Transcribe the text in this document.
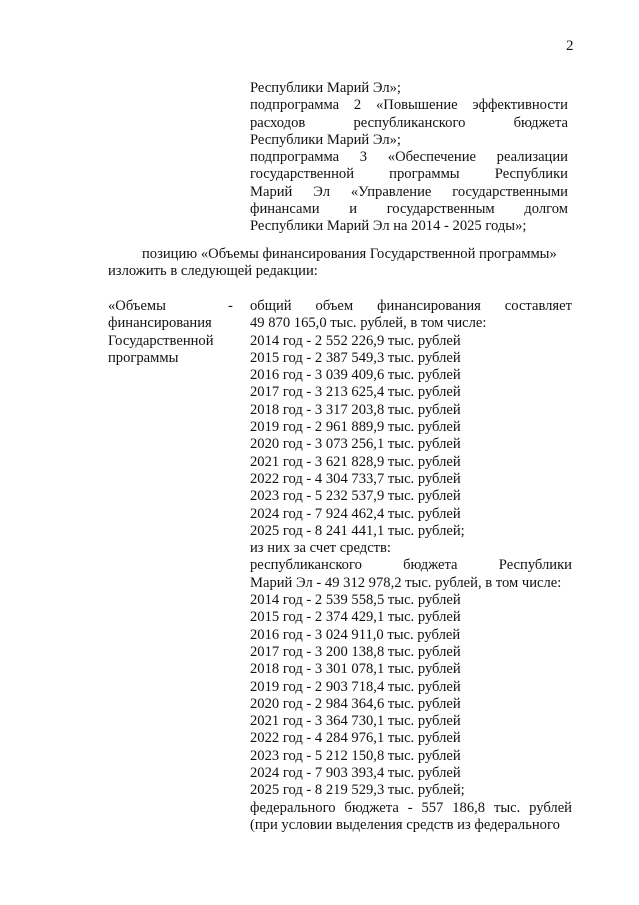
2
Республики Марий Эл»;
подпрограмма 2 «Повышение эффективности
расходов республиканского бюджета
Республики Марий Эл»;
подпрограмма 3 «Обеспечение реализации
государственной программы Республики
Марий Эл «Управление государственными
финансами и государственным долгом
Республики Марий Эл на 2014 - 2025 годы»;
позицию «Объемы финансирования Государственной программы»
изложить в следующей редакции:
«Объемы
финансирования
Государственной
программы
- общий объем финансирования составляет
49 870 165,0 тыс. рублей, в том числе:
2014 год - 2 552 226,9 тыс. рублей
2015 год - 2 387 549,3 тыс. рублей
2016 год - 3 039 409,6 тыс. рублей
2017 год - 3 213 625,4 тыс. рублей
2018 год - 3 317 203,8 тыс. рублей
2019 год - 2 961 889,9 тыс. рублей
2020 год - 3 073 256,1 тыс. рублей
2021 год - 3 621 828,9 тыс. рублей
2022 год - 4 304 733,7 тыс. рублей
2023 год - 5 232 537,9 тыс. рублей
2024 год - 7 924 462,4 тыс. рублей
2025 год - 8 241 441,1 тыс. рублей;
из них за счет средств:
республиканского бюджета Республики
Марий Эл - 49 312 978,2 тыс. рублей, в том числе:
2014 год - 2 539 558,5 тыс. рублей
2015 год - 2 374 429,1 тыс. рублей
2016 год - 3 024 911,0 тыс. рублей
2017 год - 3 200 138,8 тыс. рублей
2018 год - 3 301 078,1 тыс. рублей
2019 год - 2 903 718,4 тыс. рублей
2020 год - 2 984 364,6 тыс. рублей
2021 год - 3 364 730,1 тыс. рублей
2022 год - 4 284 976,1 тыс. рублей
2023 год - 5 212 150,8 тыс. рублей
2024 год - 7 903 393,4 тыс. рублей
2025 год - 8 219 529,3 тыс. рублей;
федерального бюджета - 557 186,8 тыс. рублей
(при условии выделения средств из федерального
